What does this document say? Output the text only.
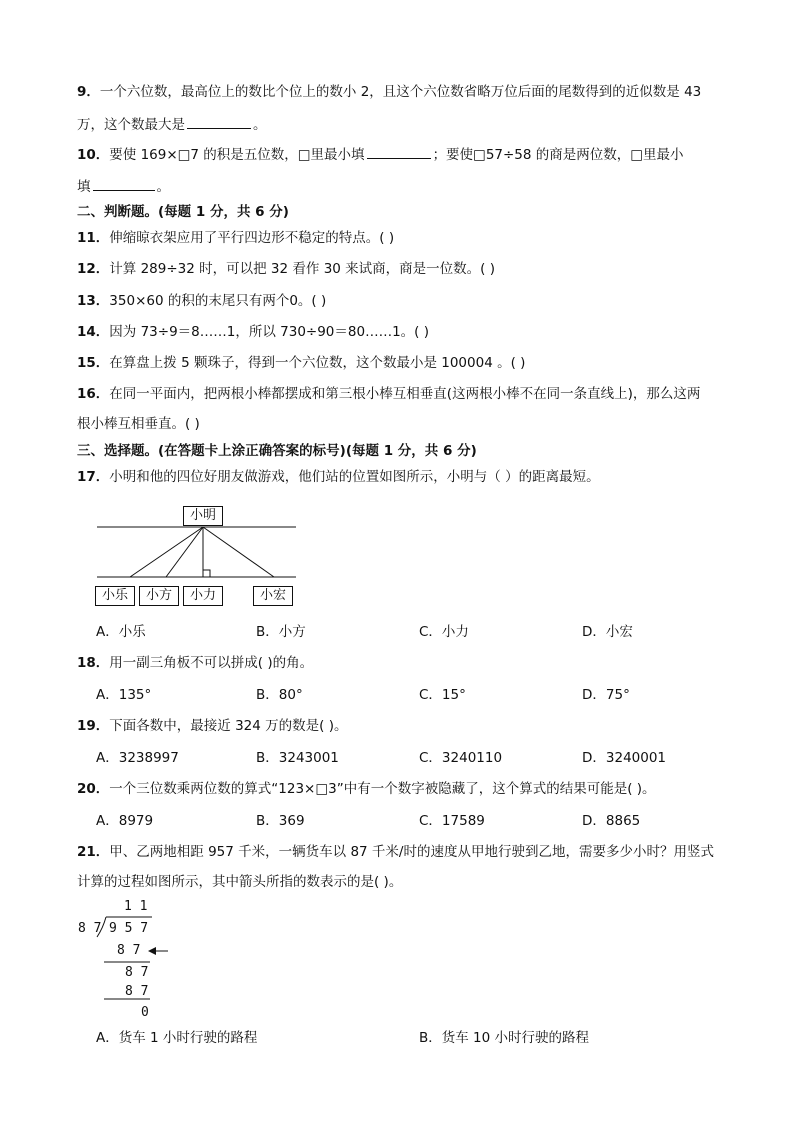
9．一个六位数，最高位上的数比个位上的数小 2，且这个六位数省略万位后面的尾数得到的近似数是 43
万，这个数最大是	。
10．要使 169×□7 的积是五位数，□里最小填	；要使□57÷58 的商是两位数，□里最小
填	。
二、判断题。(每题 1 分，共 6 分)
11．伸缩晾衣架应用了平行四边形不稳定的特点。( )
12．计算 289÷32 时，可以把 32 看作 30 来试商，商是一位数。( )
13．350×60 的积的末尾只有两个0。( )
14．因为 73÷9＝8……1，所以 730÷90＝80……1。( )
15．在算盘上拨 5 颗珠子，得到一个六位数，这个数最小是 100004 。( )
16．在同一平面内，把两根小棒都摆成和第三根小棒互相垂直(这两根小棒不在同一条直线上)，那么这两
根小棒互相垂直。( )
三、选择题。(在答题卡上涂正确答案的标号)(每题 1 分，共 6 分)
17．小明和他的四位好朋友做游戏，他们站的位置如图所示，小明与（ ）的距离最短。
小明
小乐	小方	小力	小宏
A．小乐	B．小方	C．小力	D．小宏
18．用一副三角板不可以拼成( )的角。
A．135°	B．80°	C．15°	D．75°
19．下面各数中，最接近 324 万的数是( )。
A．3238997	B．3243001	C．3240110	D．3240001
20．一个三位数乘两位数的算式“123×□3”中有一个数字被隐藏了，这个算式的结果可能是( )。
A．8979	B．369	C．17589	D．8865
21．甲、乙两地相距 957 千米，一辆货车以 87 千米/时的速度从甲地行驶到乙地，需要多少小时？用竖式
计算的过程如图所示，其中箭头所指的数表示的是( )。
1 1
8 7 9 5 7
8 7
8 7
8 7
0
A．货车 1 小时行驶的路程	B．货车 10 小时行驶的路程
